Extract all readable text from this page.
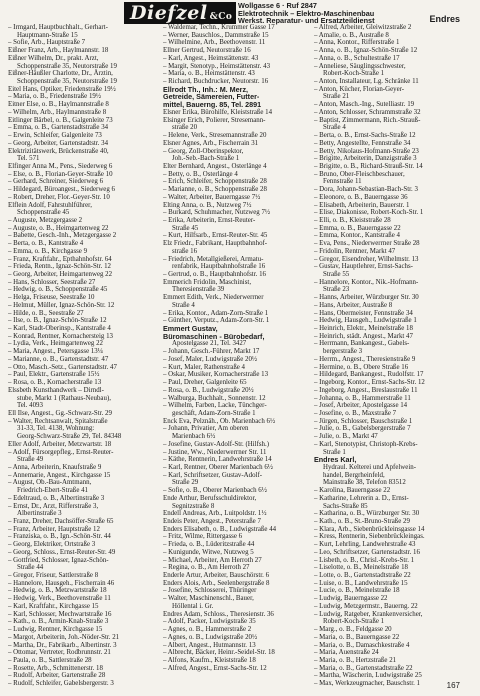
Diefzel &Co
Wollgasse 6 · Ruf 2847
Elektrotechnik – Elektro-Maschinenbau
Werkst. Reparatur- und Ersatzteildienst	Endres
– Irmgard, Hauptbuchhalt., Gerhart-
Hauptmann-Straße 15
– Sofie, Arb., Hauptstraße 7
Eißner Franz, Arb., Haylmannstr. 18
Eißner Wilhelm, Dr., prakt. Arzt,
Schoppenstraße 35, Neutorstraße 19
Eißner-Häußler Charlotte, Dr., Ärztin,
Schoppenstraße 35, Neutorstraße 19
Eitel Hans, Optiker, Friedenstraße 19½
– Maria, o. B., Friedenstraße 19½
Eitner Else, o. B., Haylmannstraße 8
– Wilhelm, Arb., Haylmannstraße 8
Eitlinger Bärbel, o. B., Galgenleite 73
– Emma, o. B., Gartenstadtstraße 34
– Erwin, Schleifer, Galgenleite 73
– Georg, Arbeiter, Gartenstadtstr. 34
Elektrizitätswerk, Brückenstraße 40,
Tel. 571
Elfinger Anna M., Pens., Siederweg 6
– Else, o. B., Florian-Geyer-Straße 10
– Gerhard, Schreiner, Siederweg 6
– Hildegard, Büroangest., Siederweg 6
– Robert, Dreher, Flor.-Geyer-Str. 10
Elflein Adolf, Fahrstuhlführer,
Schoppenstraße 45
– Auguste, Metzgergasse 2
– Auguste, o. B., Heimgartenweg 22
– Babette, Gesch.-Inh., Metzgergasse 2
– Berta, o. B., Kantstraße 4
– Emma, o. B., Kirchgasse 9
– Franz, Kraftfahr., Epthahnhofstr. 64
– Frieda, Rentn., Ignaz-Schön-Str. 12
– Georg, Arbeiter, Heimgartenweg 22
– Hans, Schlosser, Seestraße 27
– Hedwig, o. B., Schoppenstraße 45
– Helga, Friseuse, Seestraße 10
– Helmut, Müller, Ignaz-Schön-Str. 12
– Hilde, o. B., Seestraße 27
– Ilse, o. B., Ignaz-Schön-Straße 12
– Karl, Stadt-Oberinsp., Kantstraße 4
– Konrad, Rentner, Kornachersteig 13
– Lydia, Verk., Heimgartenweg 22
– Maria, Angest., Petersgasse 13¼
– Marianne, o. B., Gartenstadtstr. 47
– Otto, Masch.-Setz., Gartenstadtstr. 47
– Paul, Elektr., Gartenstraße 15½
– Rosa, o. B., Kornacherstraße 13
Elssbeth Kunsthandwerk – Dirndl-
stube, Markt 1 (Rathaus-Neubau),
Tel. 4093
Ell Ilse, Angest., Gg.-Schwarz-Str. 29
– Walter, Rechtsanwalt, Spitalstraße
31-33, Tel. 4138, Wohnung:
Georg-Schwarz-Straße 29, Tel. 84348
Eller Adolf, Arbeiter, Metzwartstr. 18
– Adolf, Fürsorgepfleg., Ernst-Reuter-
Straße 49
– Anna, Arbeiterin, Knaufstraße 9
– Annemarie, Angest., Kirchgasse 15
– August, Ob.-Bau-Amtmann,
Friedrich-Ebert-Straße 41
– Edeltraud, o. B., Albertinstraße 3
– Ernst, Dr., Arzt, Rifferstraße 3,
Albertinstraße 3
– Franz, Dreher, Dachsöffer-Straße 65
– Franz, Arbeiter, Hauptstraße 12
– Franziska, o. B., Ign.-Schön-Str. 44
– Georg, Elektriker, Ortstraße 3
– Georg, Schloss., Ernst-Reuter-Str. 49
– Gottfried, Schlosser, Ignaz-Schön-
Straße 44
– Gregor, Friseur, Sattlerstraße 8
– Hannelore, Hausgeh., Fischerrain 46
– Hedwig, o. B., Metzwartstraße 18
– Hedwig, Verk., Beethovenstraße 11
– Karl, Kraftfahr., Kirchgasse 15
– Karl, Schlosser, Mechwartstraße 16
– Kath., o. B., Armin-Knab-Straße 3
– Ludwig, Rentner, Kirchgasse 15
– Margot, Arbeiterin, Joh.-Nöder-Str. 21
– Martha, Dr., Fabrikarb., Albertinstr. 3
– Ottomar, Vertreter, Rodbrunnstr. 21
– Paula, o. B., Sattlerstraße 28
– Rosette, Arb., Schmittenerstr. 18
– Rudolf, Arbeiter, Gartenstraße 28
– Rudolf, Schleifer, Gabelsbergerstr. 3
– Waldemar, Techn., Krummer Gasse 17
– Werner, Bauschlos., Dammstraße 15
– Wilhelmine, Arb., Beethovenstr. 11
Ellner Gertrud, Neutorstraße 16
– Karl, Angest., Heimstättenstr. 43
– Margit, Stenotyp., Heimstättenstr. 43
– Maria, o. B., Heimstättenstr. 43
– Richard, Buchdrucker, Neutorstr. 16
Ellrodt Th., Inh.: M. Merz,
Getreide, Sämereien, Futter-
mittel, Bauerng. 85, Tel. 2891
Elsner Erika, Bürohilfe, Kleiststraße 14
Elsinger Erich, Polierer, Stresemann-
straße 20
– Helene, Verk., Stresemannstraße 20
Elsner Agnes, Arb., Fischerrain 31
– Georg, Zoll-Oberinspektor,
Joh.-Seb.-Bach-Straße 1
Elter Bernhard, Angest., Osterlänge 4
– Betty, o. B., Osterlänge 4
– Erich, Schleifer, Schoppenstraße 28
– Marianne, o. B., Schoppenstraße 28
– Walter, Arbeiter, Bauerngasse 7½
Elting Anna, o. B., Nutzweg 7½
– Burkard, Schuhmacher, Nutzweg 7½
– Erika, Arbeiterin, Ernst-Reuter-
Straße 45
– Kurt, Hilfsarb., Ernst-Reuter-Str. 45
Elz Friedr., Fabrikant, Hauptbahnhof-
straße 16
– Friedrich, Metallgießerei, Armatu-
renfabrik, Hauptbahnhofstraße 16
– Gertrud, o. B., Hauptbahnhofstr. 16
Emmerich Fridolin, Maschinist,
Theresienstraße 39
Emmert Edith, Verk., Niederwerrner
Straße 4
– Erika, Kontor., Adam-Zorn-Straße 1
– Günther, Verputz., Adam-Zorn-Str. 1
Emmert Gustav,
Büromaschinen - Bürobedarf,
Apostelgasse 21, Tel. 3427
– Johann, Gesch.-Führer, Markt 17
– Josef, Maler, Ludwigstraße 20½
– Kurt, Maler, Rathenstraße 4
– Oskar, Musiker, Kornacherstraße 13
– Paul, Dreher, Galgenleite 65
– Rosa, o. B., Ludwigstraße 20½
– Walburga, Buchhalt., Sonnenstr. 12
– Wilhelm, Farben, Lacke, Tünchger-
geschäft, Adam-Zorn-Straße 1
Enck Eva, Pelznäh., Ob. Marienbach 6½
– Johann, Privatier, Am oberen
Marienbach 6½
– Josefine, Gustav-Adolf-Str. (Hilfsh.)
– Justine, Ww., Niederwerrner Str. 11
– Käthe, Rentnerin, Landwehrstraße 14
– Karl, Rentner, Oberer Marienbach 6½
– Karl, Schriftsetzer, Gustav-Adolf-
Straße 29
– Sofie, o. B., Oberer Marienbach 6½
Ende Arthur, Berufsschuldirektor,
Segnitzstraße 8
Endell Andreas, Arb., Luitpoldstr. 1½
Endeis Peter, Angest., Peterstraße 7
Enders Elisabeth, o. B., Ludwigstraße 44
– Fritz, Wilme, Rittergasse 6
– Frieda, o. B., Lüderitzstraße 44
– Kunigunde, Witwe, Nutzweg 5
– Michael, Arbeiter, Am Herroth 27
– Regina, o. B., Am Herroth 27
Enderle Artur, Arbeiter, Bauschörstr. 6
Enders Alois, Arb., Seelenbergstraße 8
– Josefine, Schlosserei, Thüringer
– Walter, Maschinenschl., Bauer,
Höllental i. Gr.
Endres Adam, Schloss., Theresienstr. 36
– Adolf, Packer, Ludwigstraße 35
– Agnes, o. B., Hammerstraße 2
– Agnes, o. B., Ludwigstraße 20½
– Albert, Angest., Hutmannstr. 13
– Albrecht, Bäcker, Heinr.-Seidel-Str. 18
– Alfons, Kaufm., Kleiststraße 18
– Alfred, Angest., Ernst-Sachs-Str. 12
– Alfred, Arbeiter, Gleiwitzstraße 2
– Amalie, o. B., Austraße 8
– Anna, Kontor., Rifferstraße 1
– Anna, o. B., Ignaz-Schön-Straße 12
– Anna, o. B., Schultestraße 17
– Anneliese, Säuglingsschwester,
Robert-Koch-Straße 1
– Anton, Installateur, Lg. Schränke 11
– Anton, Kücher, Florian-Geyer-
Straße 21
– Anton, Masch.-Ing., Sutelliastr. 19
– Anton, Schlosser, Schrammstraße 32
– Baptist, Zimmermann, Rich.-Strauß-
Straße 4
– Berta, o. B., Ernst-Sachs-Straße 12
– Betty, Angestellte, Fennstraße 34
– Betty, Nikolaus-Hofmann-Straße 23
– Brigitte, Arbeiterin, Danzigstraße 3
– Brigitte, o. B., Richard-Strauß-Str. 14
– Bruno, Ober-Fleischbeschauer,
Fennstraße 11
– Dora, Johann-Sebastian-Bach-Str. 3
– Eleonore, o. B., Bauerngasse 36
– Elisabeth, Arbeiterin, Bauerstr. 1
– Elise, Diakonisse, Robert-Koch-Str. 1
– Elli, o. B., Kleiststraße 28
– Emma, o. B., Bauerngasse 22
– Emma, Kontor., Kantstraße 4
– Eva, Pens., Niederwerrner Straße 28
– Fridolin, Rentner, Markt 47
– Gregor, Eisendreher, Wilhelmstr. 13
– Gustav, Hauptlehrer, Ernst-Sachs-
Straße 55
– Hannelore, Kontor., Nik.-Hofmann-
Straße 23
– Hanns, Arbeiter, Würzburger Str. 30
– Hans, Arbeiter, Austraße 8
– Hans, Obermeister, Fennstraße 34
– Hedwig, Hausgeh., Ludwigstraße 1
– Heinrich, Elektr., Meinelstraße 18
– Heinrich, städt. Angest., Markt 47
– Herrmann, Bankangest., Gabels-
bergerstraße 3
– Herrm., Angest., Theresienstraße 9
– Hermine, o. B., Obere Straße 16
– Hildegard, Bankangest., Rudolfstr. 17
– Ingeborg, Kontor., Ernst-Sachs-Str. 12
– Ingeborg, Angest., Breslaustraße 11
– Johanna, o. B., Hammerstraße 11
– Josef, Arbeiter, Apostelgasse 14
– Josefine, o. B., Maxstraße 7
– Jürgen, Schlosser, Bauschstraße 1
– Julie, o. B., Gabelsbergerstraße 7
– Julie, o. B., Markt 47
– Karl, Stenotypist, Christoph-Krebs-
Straße 1
Endres Karl,
Hydraul. Kelterei und Apfelwein-
handel, Bergrheinfeld,
Mainstraße 38, Telefon 83512
– Karolina, Bauerngasse 22
– Katharine, Lehrerin a. D., Ernst-
Sachs-Straße 85
– Katharina, o. B., Würzburger Str. 30
– Kath., o. B., St.-Bruno-Straße 29
– Klara, Arb., Siebenbrückleinsgasse 14
– Kress, Rentnerin, Siebenbrückleingas.
– Kurt, Lehrling, Landwehrstraße 43
– Leo, Schriftsetzer, Gartenstadtstr. 16
– Lisbeth, o. B., Chrisl.-Krebs-Str. 1
– Liselotte, o. B., Meinelstraße 18
– Lotte, o. B., Gartenstadtstraße 22
– Luise, o. B., Landwehrstraße 15
– Lucie, o. B., Meinelstraße 18
– Ludwig, Bauerngasse 22
– Ludwig, Metzgermstr., Bauerng. 22
– Ludwig, Ratgeber, Krankenversicher,
Robert-Koch-Straße 1
– Marg., o. B., Feldgasse 20
– Maria, o. B., Bauerngasse 22
– Maria, o. B., Damaschkestraße 4
– Maria, Auenstraße 24
– Maria, o. B., Hertzstraße 21
– Maria, o. B., Gartenstadtstraße 22
– Martha, Wäscherin, Ludwigstraße 25
– Max, Werkzeugmacher, Bauschstr. 1	167
